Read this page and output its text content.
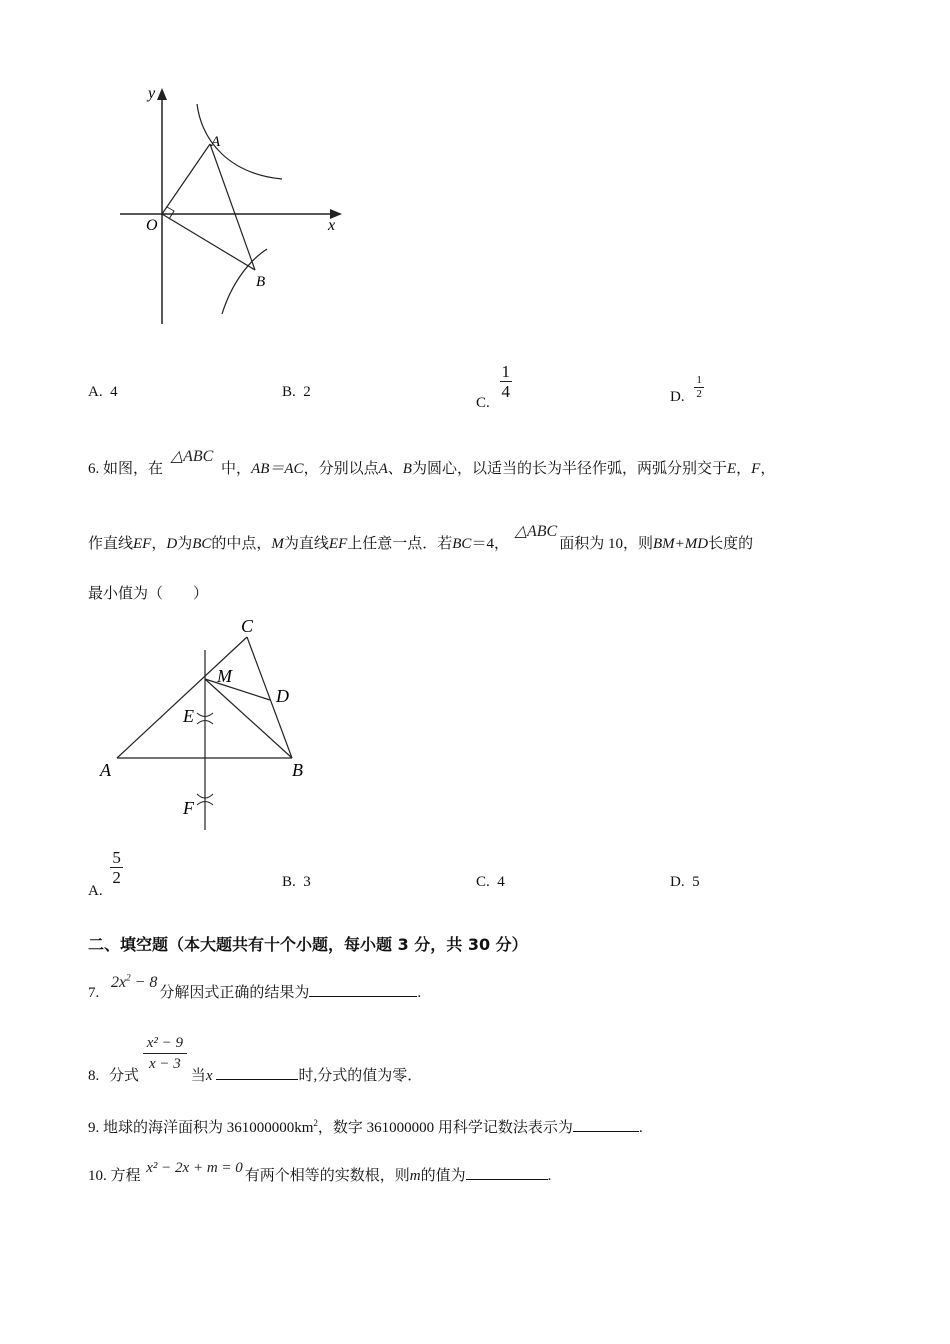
y
x
O
A
B
A. 4	B. 2
C.
$\frac{1}{4}$	D. $\frac{1}{2}$
6. 如图，在 △ABC 中，AB＝AC，分别以点A、B为圆心，以适当的长为半径作弧，两弧分别交于E，F，
作直线EF，D为BC的中点，M为直线EF上任意一点．若BC＝4， △ABC面积为 10，则BM+MD长度的
最小值为（　　）
C
M
D
E
A	B
F
A.
$\frac{5}{2}$	B. 3	C. 4	D. 5
二、填空题（本大题共有十个小题，每小题 3 分，共 30 分）
7. $2x^2 - 8$分解因式正确的结果为	.
8. 分式
$\frac{\text{x² − 9}}{x - 3}$
当x	时,分式的值为零．
9. 地球的海洋面积为 $361000000km^2$，数字 361000000 用科学记数法表示为	.
10. 方程 x² − 2x + m = 0 有两个相等的实数根，则m的值为	.
